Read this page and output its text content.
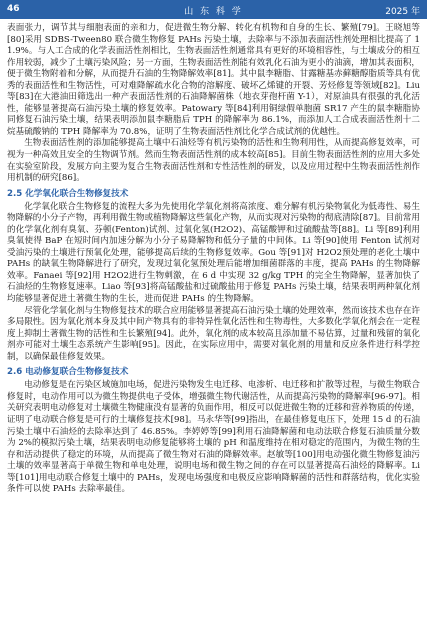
46	山 东 科 学	2025 年

表面张力，调节其与细胞表面的亲和力，促进微生物分解、转化有机物和自身的生长、繁殖[79]。王晓旭等[80]采用 SDBS-Tween80 联合微生物修复 PAHs 污染土壤，去除率与不添加表面活性剂处理相比提高了 11.9%。与人工合成的化学表面活性剂相比，生物表面活性剂通常具有更好的环境相容性，与土壤成分的相互作用较弱，减少了土壤污染风险；另一方面，生物表面活性剂能有效乳化石油为更小的油滴，增加其表面积，便于微生物附着和分解，从而提升石油的生物降解效率[81]。其中鼠李糖脂、甘露糖基赤藓糖醇脂质等具有优秀的表面活性和生物活性，可对难降解疏水化合物的溶解度、破坏乙烯键的开裂、芳烃修复等领域[82]。Liu 等[83]在大港油田筛选出一种产表面活性剂的石油降解菌株（地衣芽孢杆菌 Y-1），对原油具有很强的乳化活性，能够显著提高石油污染土壤的修复效率。Patowary 等[84]利用铜绿假单胞菌 SR17 产生的鼠李糖脂协同修复石油污染土壤，结果表明添加鼠李糖脂后 TPH 的降解率为 86.1%，而添加人工合成表面活性剂十二烷基硫酸钠的 TPH 降解率为 70.8%，证明了生物表面活性剂比化学合成试剂的优越性。

生物表面活性剂的添加能够提高土壤中石油烃等有机污染物的活性和生物利用性，从而提高修复效率，可视为一种高效且安全的生物调节剂。然而生物表面活性剂的成本较高[85]。目前生物表面活性剂的应用大多处在实验室阶段，发展方向主要为复合生物表面活性剂和专性活性剂的研发，以及应用过程中生物表面活性剂作用机制的研究[86]。

2.5 化学氧化联合生物修复技术

化学氧化联合生物修复的流程大多为先使用化学氧化剂将高浓度、难分解有机污染物氧化为低毒性、易生物降解的小分子产物，再利用微生物或植物降解这些氧化产物，从而实现对污染物的彻底清除[87]。目前常用的化学氧化剂有臭氧、芬顿(Fenton)试剂、过氧化氢(H2O2)、高锰酸钾和过硫酸盐等[88]。Li 等[89]利用臭氧使得 BaP 在短时间内加速分解为小分子易降解物和低分子量的中间体。Li 等[90]使用 Fenton 试剂对受油污染的土壤进行预氧化处理，能够提高后续的生物修复效率。Gou 等[91]对 H2O2预处理的老化土壤中 PAHs 的缺氧生物降解进行了研究，发现过氧化氢预处理后能增加细菌群落的丰度，提高 PAHs 的生物降解效率。Fanaei 等[92]用 H2O2进行生物刺激，在 6 d 中实现 32 g/kg TPH 的完全生物降解，显著加快了石油烃的生物修复速率。Liao 等[93]将高锰酸盐和过硫酸盐用于修复 PAHs 污染土壤，结果表明两种氧化剂均能够显著促进土著微生物的生长，进而促进 PAHs 的生物降解。

尽管化学氧化剂与生物修复技术的联合应用能够显著提高石油污染土壤的处理效率，然而该技术也存在许多局限性。因为氧化剂本身及其中间产物具有的非特异性氧化活性和生物毒性，大多数化学氧化剂会在一定程度上抑制土著微生物的活性和生长繁殖[94]。此外，氧化剂的成本较高且添加量不易估算，过量和残留的氧化剂亦可能对土壤生态系统产生影响[95]。因此，在实际应用中，需要对氧化剂的用量和反应条件进行科学控制，以确保最佳修复效果。

2.6 电动修复联合生物修复技术

电动修复是在污染区域施加电场，促进污染物发生电迁移、电渗析、电迁移和扩散等过程，与微生物联合修复时，电动作用可以为微生物提供电子受体，增强微生物代谢活性，从而提高污染物的降解率[96-97]。相关研究表明电动修复对土壤微生物健康没有显著的负面作用，相反可以促进微生物的迁移和营养物质的传递，证明了电动联合修复是可行的土壤修复技术[98]。马永华等[99]指出，在最佳修复电压下，处理 15 d 的石油污染土壤中石油烃的去除率达到了 46.85%。李婷婷等[99]利用石油降解菌和电动法联合修复石油质量分数为 2%的模拟污染土壤，结果表明电动修复能够将土壤的 pH 和温度维持在相对稳定的范围内，为微生物的生存和活动提供了稳定的环境，从而提高了微生物对石油的降解效率。赵敏等[100]用电动强化微生物修复油污土壤的效率显著高于单微生物和单电处理，说明电场和微生物之间的存在可以显著提高石油烃的降解率。Li 等[101]用电动联合修复土壤中的 PAHs，发现电场强度和电极反应影响降解菌的活性和群落结构，优化实验条件可以使 PAHs 去除率最佳。
